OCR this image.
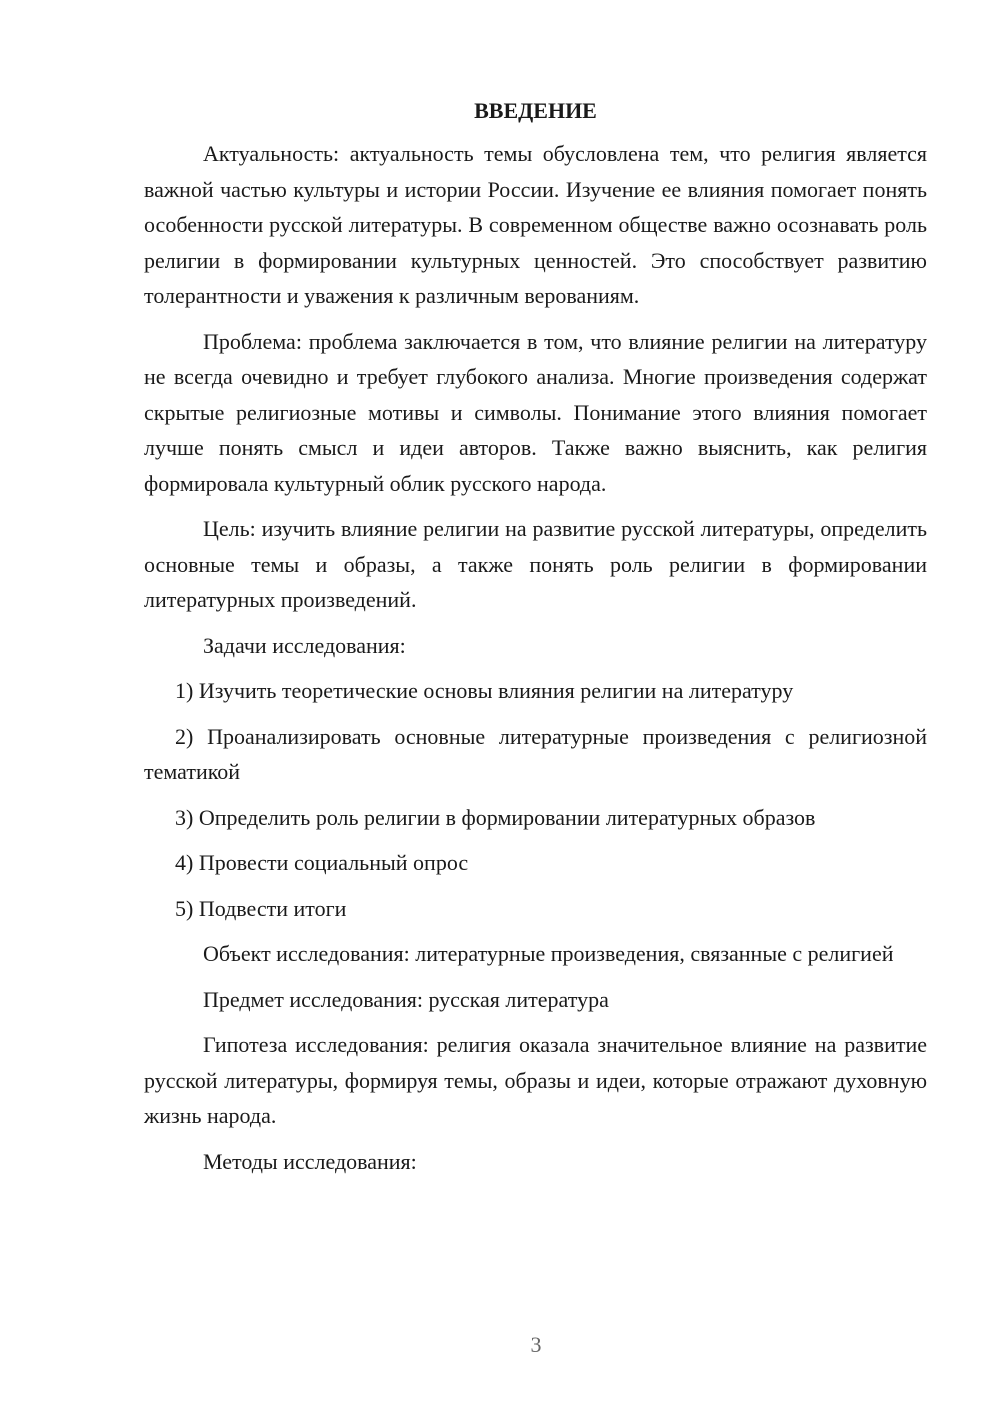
ВВЕДЕНИЕ
Актуальность: актуальность темы обусловлена тем, что религия является важной частью культуры и истории России. Изучение ее влияния помогает понять особенности русской литературы. В современном обществе важно осознавать роль религии в формировании культурных ценностей. Это способствует развитию толерантности и уважения к различным верованиям.
Проблема: проблема заключается в том, что влияние религии на литературу не всегда очевидно и требует глубокого анализа. Многие произведения содержат скрытые религиозные мотивы и символы. Понимание этого влияния помогает лучше понять смысл и идеи авторов. Также важно выяснить, как религия формировала культурный облик русского народа.
Цель: изучить влияние религии на развитие русской литературы, определить основные темы и образы, а также понять роль религии в формировании литературных произведений.
Задачи исследования:
1) Изучить теоретические основы влияния религии на литературу
2) Проанализировать основные литературные произведения с религиозной тематикой
3) Определить роль религии в формировании литературных образов
4) Провести социальный опрос
5) Подвести итоги
Объект исследования: литературные произведения, связанные с религией
Предмет исследования: русская литература
Гипотеза исследования: религия оказала значительное влияние на развитие русской литературы, формируя темы, образы и идеи, которые отражают духовную жизнь народа.
Методы исследования:
3
